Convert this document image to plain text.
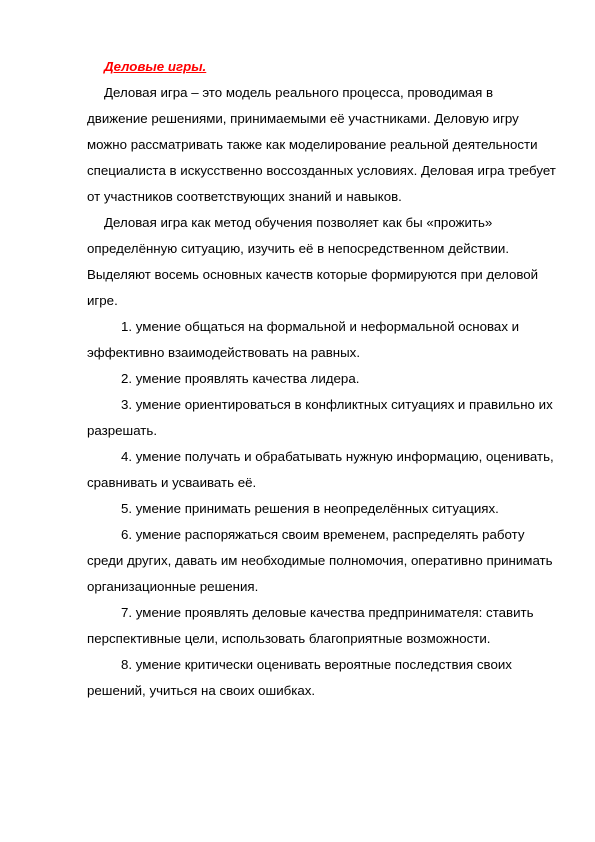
Деловые игры.

Деловая игра – это модель реального процесса, проводимая в движение решениями, принимаемыми её участниками. Деловую игру можно рассматривать также как моделирование реальной деятельности специалиста в искусственно воссозданных условиях. Деловая игра требует от участников соответствующих знаний и навыков.

Деловая игра как метод обучения позволяет как бы «прожить» определённую ситуацию, изучить её в непосредственном действии. Выделяют восемь основных качеств которые формируются при деловой игре.

1. умение общаться на формальной и неформальной основах и эффективно взаимодействовать на равных.
2. умение проявлять качества лидера.
3. умение ориентироваться в конфликтных ситуациях и правильно их разрешать.
4. умение получать и обрабатывать нужную информацию, оценивать, сравнивать и усваивать её.
5. умение принимать решения в неопределённых ситуациях.
6. умение распоряжаться своим временем, распределять работу среди других, давать им необходимые полномочия, оперативно принимать организационные решения.
7. умение проявлять деловые качества предпринимателя: ставить перспективные цели, использовать благоприятные возможности.
8. умение критически оценивать вероятные последствия своих решений, учиться на своих ошибках.
